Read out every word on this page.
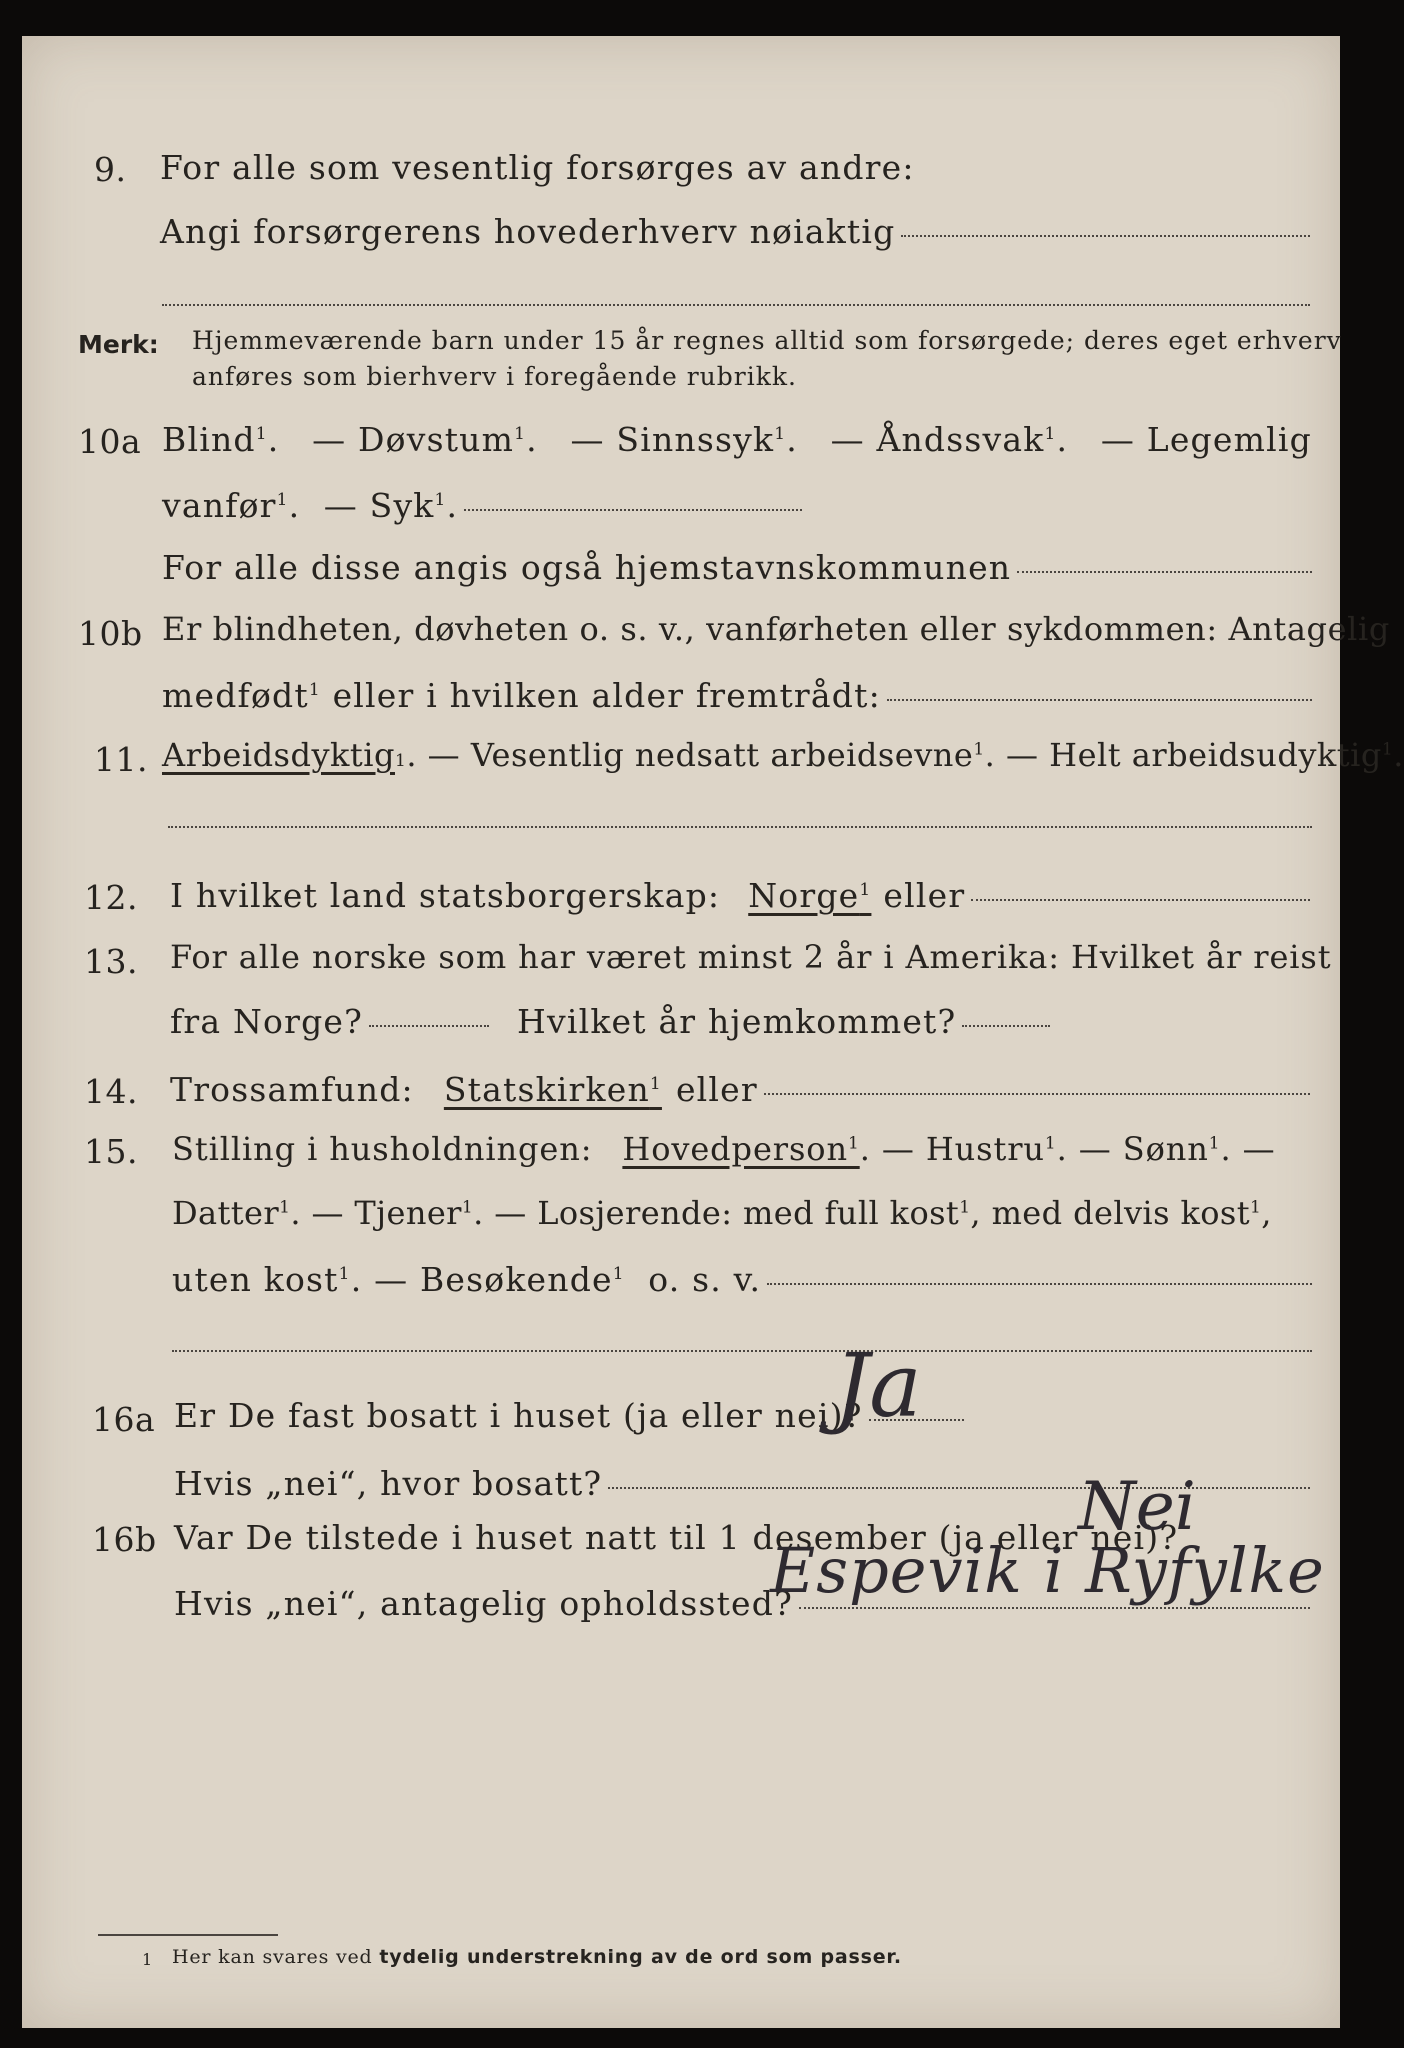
9. For alle som vesentlig forsørges av andre:
Angi forsørgerens hovederhverv nøiaktig
Merk: Hjemmeværende barn under 15 år regnes alltid som forsørgede; deres eget erhverv
anføres som bierhverv i foregående rubrikk.
10a Blind$^1$. — Døvstum$^1$. — Sinnssyk$^1$. — Åndssvak$^1$. — Legemlig
vanfør$^1$. — Syk$^1$.
For alle disse angis også hjemstavnskommunen
10b Er blindheten, døvheten o. s. v., vanførheten eller sykdommen: Antagelig
medfødt$^1$ eller i hvilken alder fremtrådt:
11. Arbeidsdyktig 1 . — Vesentlig nedsatt arbeidsevne$^1$ . — Helt arbeidsudyktig$^1$.
12. I hvilket land statsborgerskap: Norge$^1$ eller
13. For alle norske som har været minst 2 år i Amerika: Hvilket år reist
fra Norge?	Hvilket år hjemkommet?
14. Trossamfund: Statskirken$^1$ eller
15. Stilling i husholdningen: Hovedperson$^1$ . — Hustru$^1$ . — Sønn$^1$. —
Datter$^1$ . — Tjener$^1$ . — Losjerende: med full kost$^1$ , med delvis kost$^1$,
uten kost$^1$ . — Besøkende$^1$ o. s. v.
16a Er De fast bosatt i huset (ja eller nei)?
Hvis „nei“, hvor bosatt?
Ja
16b Var De tilstede i huset natt til 1 desember (ja eller nei)?
Hvis „nei“, antagelig opholdssted?
Nei
Espevik i Ryfylke
1 Her kan svares ved tydelig understrekning av de ord som passer.
